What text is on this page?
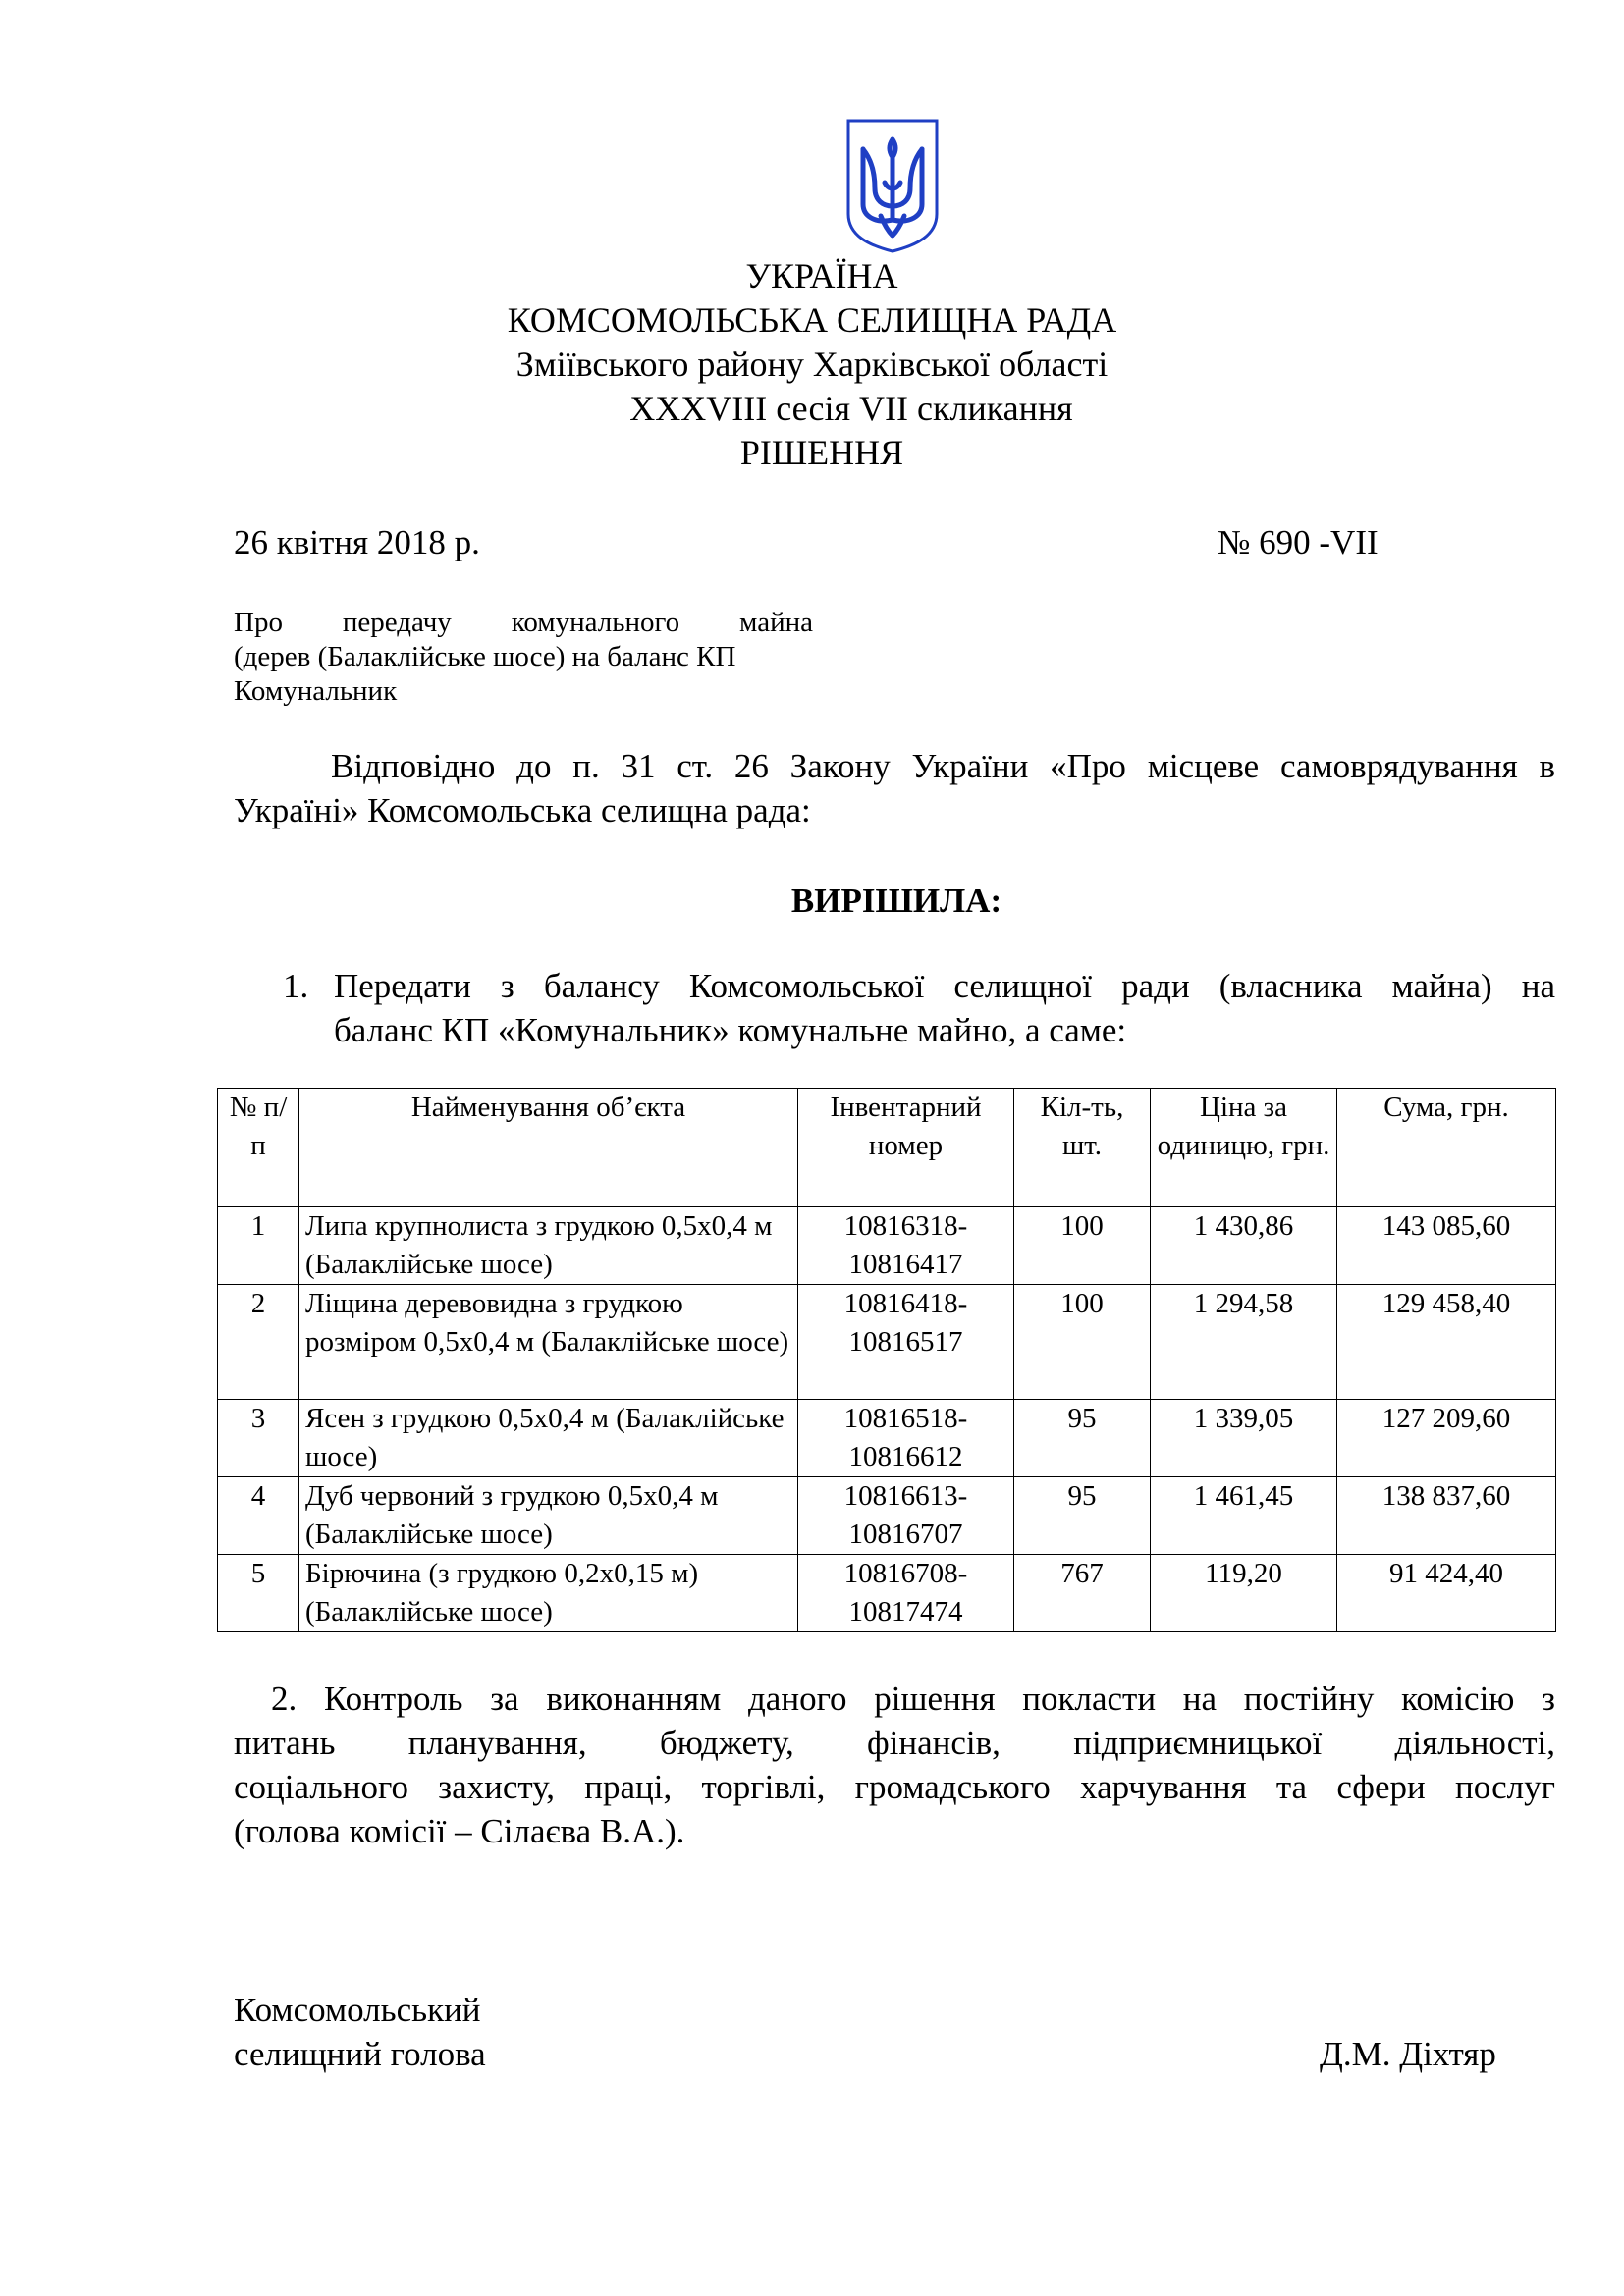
УКРАЇНА
КОМСОМОЛЬСЬКА СЕЛИЩНА РАДА
Зміївського району Харківської області
XXXVIII сесія VII скликання
РІШЕННЯ
26 квітня 2018 р.	№ 690 -VII
Про передачу комунального майна
(дерев (Балаклійське шосе) на баланс КП
Комунальник
Відповідно до п. 31 ст. 26 Закону України «Про місцеве самоврядування в
Україні» Комсомольська селищна рада:
ВИРІШИЛА:
1. Передати з балансу Комсомольської селищної ради (власника майна) на
баланс КП «Комунальник» комунальне майно, а саме:
№ п/п	Найменування об’єкта	Інвентарний номер	Кіл-ть, шт.	Ціна за одиницю, грн.	Сума, грн.
1	Липа крупнолиста з грудкою 0,5х0,4 м (Балаклійське шосе)	10816318-10816417	100	1 430,86	143 085,60
2	Ліщина деревовидна з грудкою розміром 0,5х0,4 м (Балаклійське шосе)	10816418-10816517	100	1 294,58	129 458,40
3	Ясен з грудкою 0,5х0,4 м (Балаклійське шосе)	10816518-10816612	95	1 339,05	127 209,60
4	Дуб червоний з грудкою 0,5х0,4 м (Балаклійське шосе)	10816613-10816707	95	1 461,45	138 837,60
5	Бірючина (з грудкою 0,2х0,15 м) (Балаклійське шосе)	10816708-10817474	767	119,20	91 424,40
2. Контроль за виконанням даного рішення покласти на постійну комісію з
питань планування, бюджету, фінансів, підприємницької діяльності,
соціального захисту, праці, торгівлі, громадського харчування та сфери послуг
(голова комісії – Сілаєва В.А.).
Комсомольський
селищний голова	Д.М. Діхтяр
